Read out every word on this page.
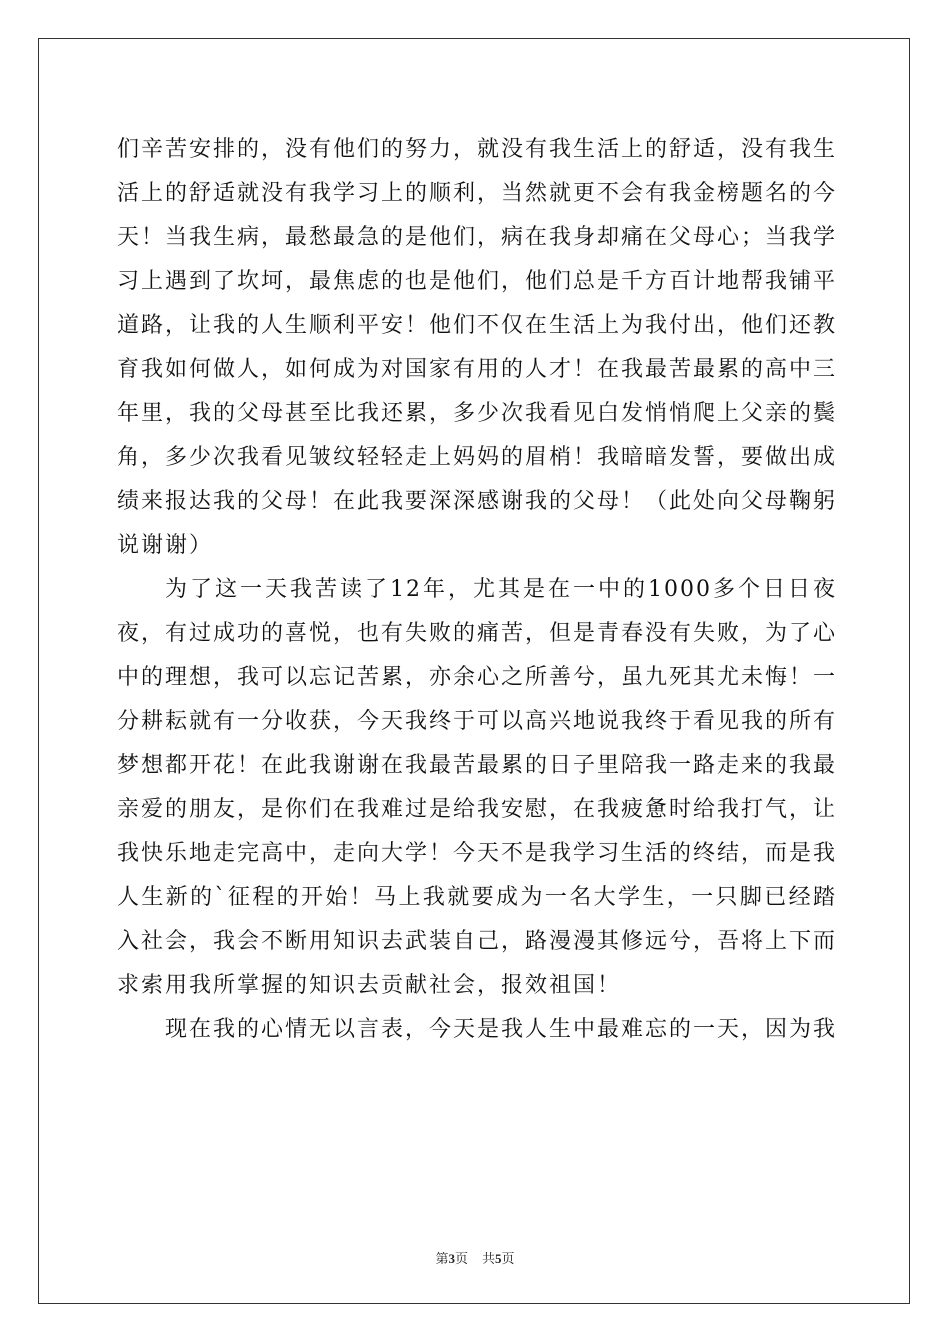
们辛苦安排的，没有他们的努力，就没有我生活上的舒适，没有我生活上的舒适就没有我学习上的顺利，当然就更不会有我金榜题名的今天！当我生病，最愁最急的是他们，病在我身却痛在父母心；当我学习上遇到了坎坷，最焦虑的也是他们，他们总是千方百计地帮我铺平道路，让我的人生顺利平安！他们不仅在生活上为我付出，他们还教育我如何做人，如何成为对国家有用的人才！在我最苦最累的高中三年里，我的父母甚至比我还累，多少次我看见白发悄悄爬上父亲的鬓角，多少次我看见皱纹轻轻走上妈妈的眉梢！我暗暗发誓，要做出成绩来报达我的父母！在此我要深深感谢我的父母！（此处向父母鞠躬说谢谢）

为了这一天我苦读了12年，尤其是在一中的1000多个日日夜夜，有过成功的喜悦，也有失败的痛苦，但是青春没有失败，为了心中的理想，我可以忘记苦累，亦余心之所善兮，虽九死其尤未悔！一分耕耘就有一分收获，今天我终于可以高兴地说我终于看见我的所有梦想都开花！在此我谢谢在我最苦最累的日子里陪我一路走来的我最亲爱的朋友，是你们在我难过是给我安慰，在我疲惫时给我打气，让我快乐地走完高中，走向大学！今天不是我学习生活的终结，而是我人生新的`征程的开始！马上我就要成为一名大学生，一只脚已经踏入社会，我会不断用知识去武装自己，路漫漫其修远兮，吾将上下而求索用我所掌握的知识去贡献社会，报效祖国！

现在我的心情无以言表，今天是我人生中最难忘的一天，因为我

第3页 共5页
